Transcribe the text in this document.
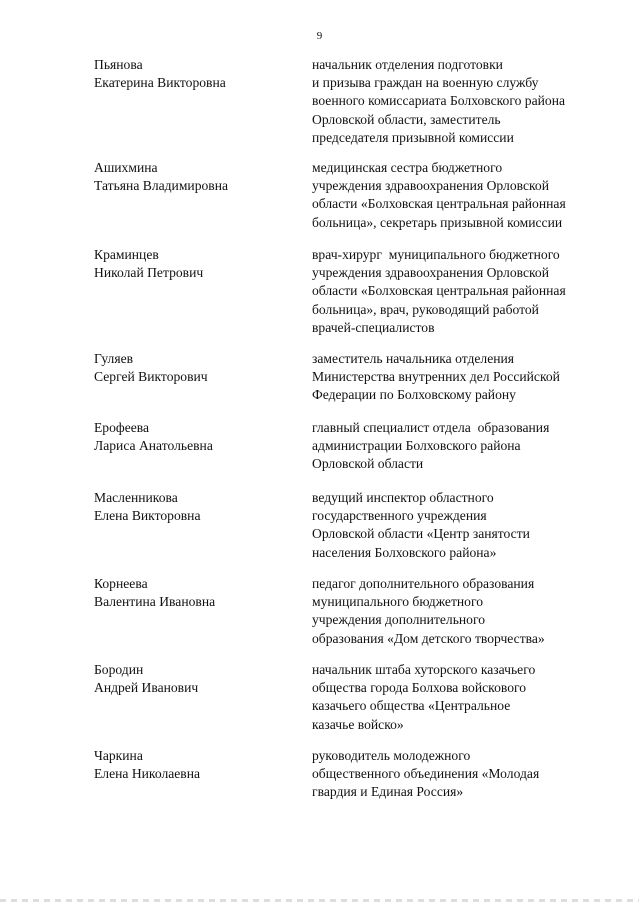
9
Пьянова
Екатерина Викторовна
начальник отделения подготовки
и призыва граждан на военную службу
военного комиссариата Болховского района
Орловской области, заместитель
председателя призывной комиссии
Ашихмина
Татьяна Владимировна
медицинская сестра бюджетного
учреждения здравоохранения Орловской
области «Болховская центральная районная
больница», секретарь призывной комиссии
Краминцев
Николай Петрович
врач-хирург  муниципального бюджетного
учреждения здравоохранения Орловской
области «Болховская центральная районная
больница», врач, руководящий работой
врачей-специалистов
Гуляев
Сергей Викторович
заместитель начальника отделения
Министерства внутренних дел Российской
Федерации по Болховскому району
Ерофеева
Лариса Анатольевна
главный специалист отдела  образования
администрации Болховского района
Орловской области
Масленникова
Елена Викторовна
ведущий инспектор областного
государственного учреждения
Орловской области «Центр занятости
населения Болховского района»
Корнеева
Валентина Ивановна
педагог дополнительного образования
муниципального бюджетного
учреждения дополнительного
образования «Дом детского творчества»
Бородин
Андрей Иванович
начальник штаба хуторского казачьего
общества города Болхова войскового
казачьего общества «Центральное
казачье войско»
Чаркина
Елена Николаевна
руководитель молодежного
общественного объединения «Молодая
гвардия и Единая Россия»
